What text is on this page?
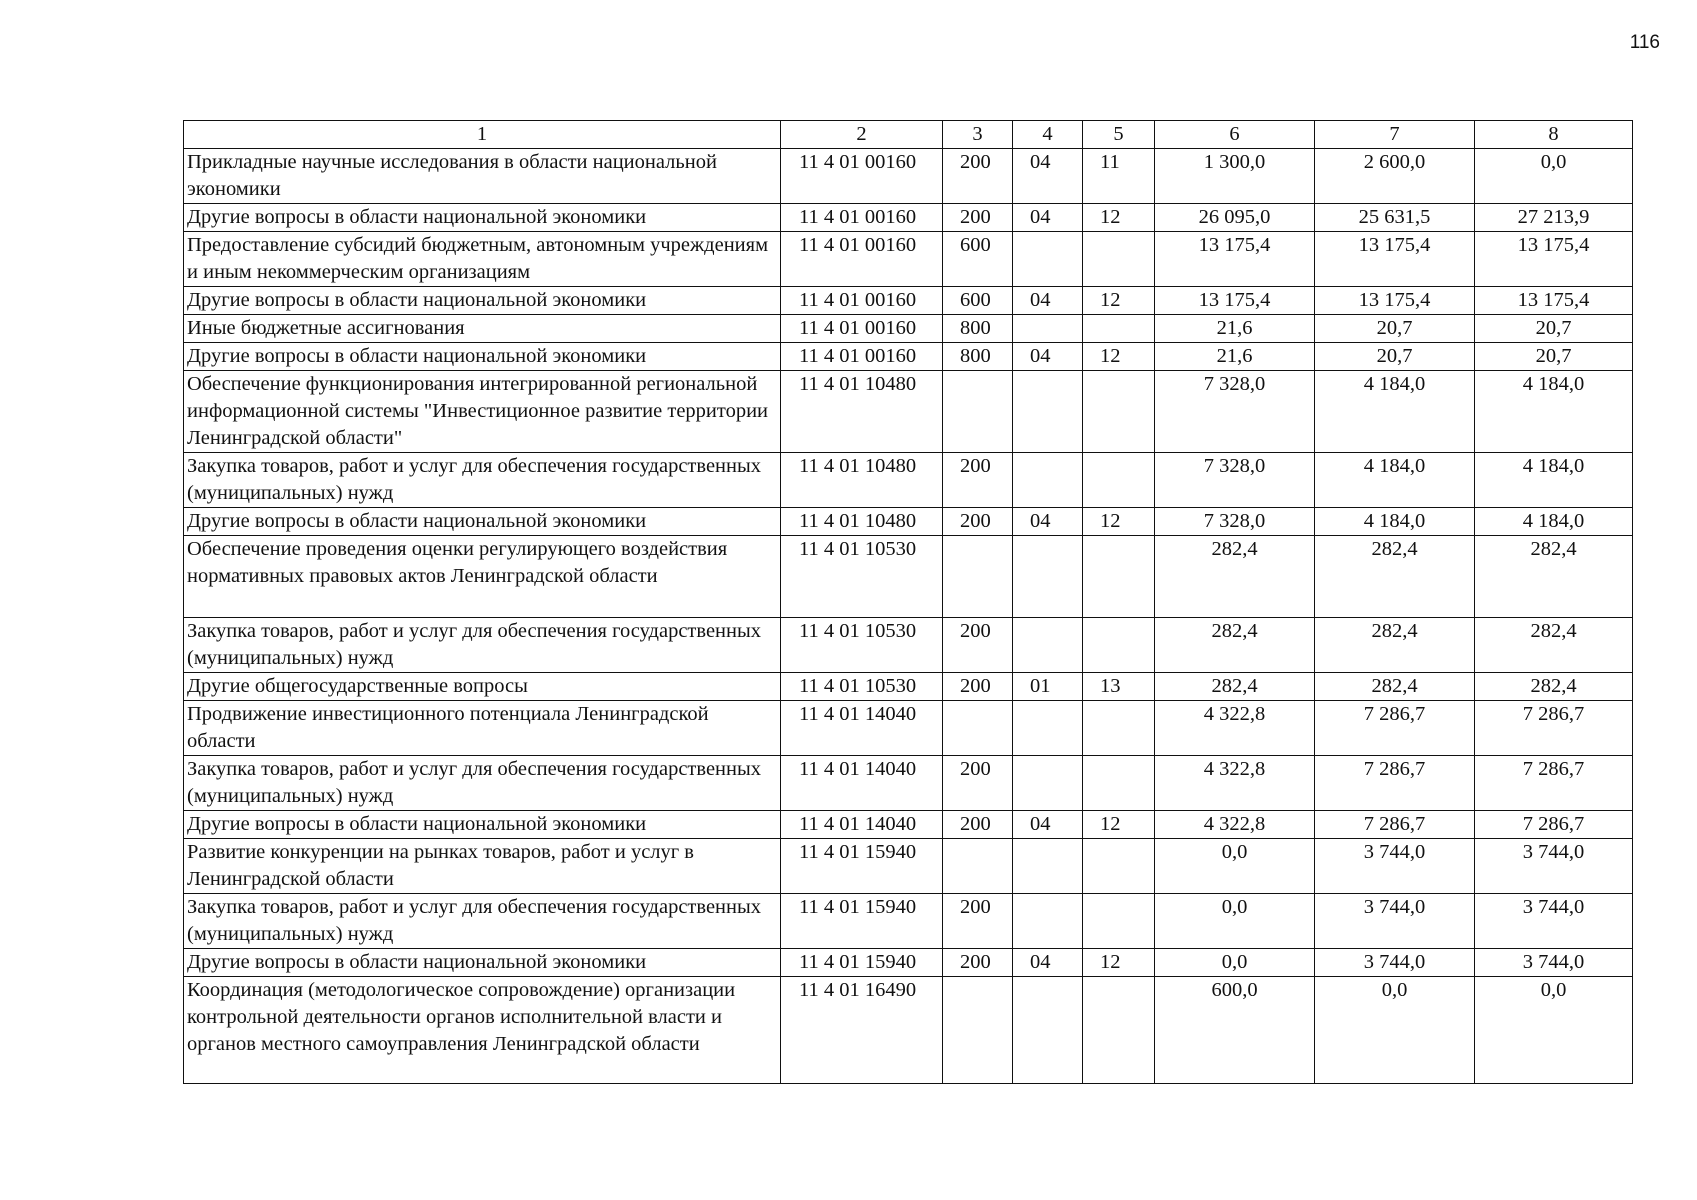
116
1	2	3	4	5	6	7	8
Прикладные научные исследования в области национальной экономики	11 4 01 00160	200	04	11	1 300,0	2 600,0	0,0
Другие вопросы в области национальной экономики	11 4 01 00160	200	04	12	26 095,0	25 631,5	27 213,9
Предоставление субсидий бюджетным, автономным учреждениям и иным некоммерческим организациям	11 4 01 00160	600			13 175,4	13 175,4	13 175,4
Другие вопросы в области национальной экономики	11 4 01 00160	600	04	12	13 175,4	13 175,4	13 175,4
Иные бюджетные ассигнования	11 4 01 00160	800			21,6	20,7	20,7
Другие вопросы в области национальной экономики	11 4 01 00160	800	04	12	21,6	20,7	20,7
Обеспечение функционирования интегрированной региональной информационной системы "Инвестиционное развитие территории Ленинградской области"	11 4 01 10480				7 328,0	4 184,0	4 184,0
Закупка товаров, работ и услуг для обеспечения государственных (муниципальных) нужд	11 4 01 10480	200			7 328,0	4 184,0	4 184,0
Другие вопросы в области национальной экономики	11 4 01 10480	200	04	12	7 328,0	4 184,0	4 184,0
Обеспечение проведения оценки регулирующего воздействия нормативных правовых актов Ленинградской области	11 4 01 10530				282,4	282,4	282,4
Закупка товаров, работ и услуг для обеспечения государственных (муниципальных) нужд	11 4 01 10530	200			282,4	282,4	282,4
Другие общегосударственные вопросы	11 4 01 10530	200	01	13	282,4	282,4	282,4
Продвижение инвестиционного потенциала Ленинградской области	11 4 01 14040				4 322,8	7 286,7	7 286,7
Закупка товаров, работ и услуг для обеспечения государственных (муниципальных) нужд	11 4 01 14040	200			4 322,8	7 286,7	7 286,7
Другие вопросы в области национальной экономики	11 4 01 14040	200	04	12	4 322,8	7 286,7	7 286,7
Развитие конкуренции на рынках товаров, работ и услуг в Ленинградской области	11 4 01 15940				0,0	3 744,0	3 744,0
Закупка товаров, работ и услуг для обеспечения государственных (муниципальных) нужд	11 4 01 15940	200			0,0	3 744,0	3 744,0
Другие вопросы в области национальной экономики	11 4 01 15940	200	04	12	0,0	3 744,0	3 744,0
Координация (методологическое сопровождение) организации контрольной деятельности органов исполнительной власти и органов местного самоуправления Ленинградской области	11 4 01 16490				600,0	0,0	0,0
